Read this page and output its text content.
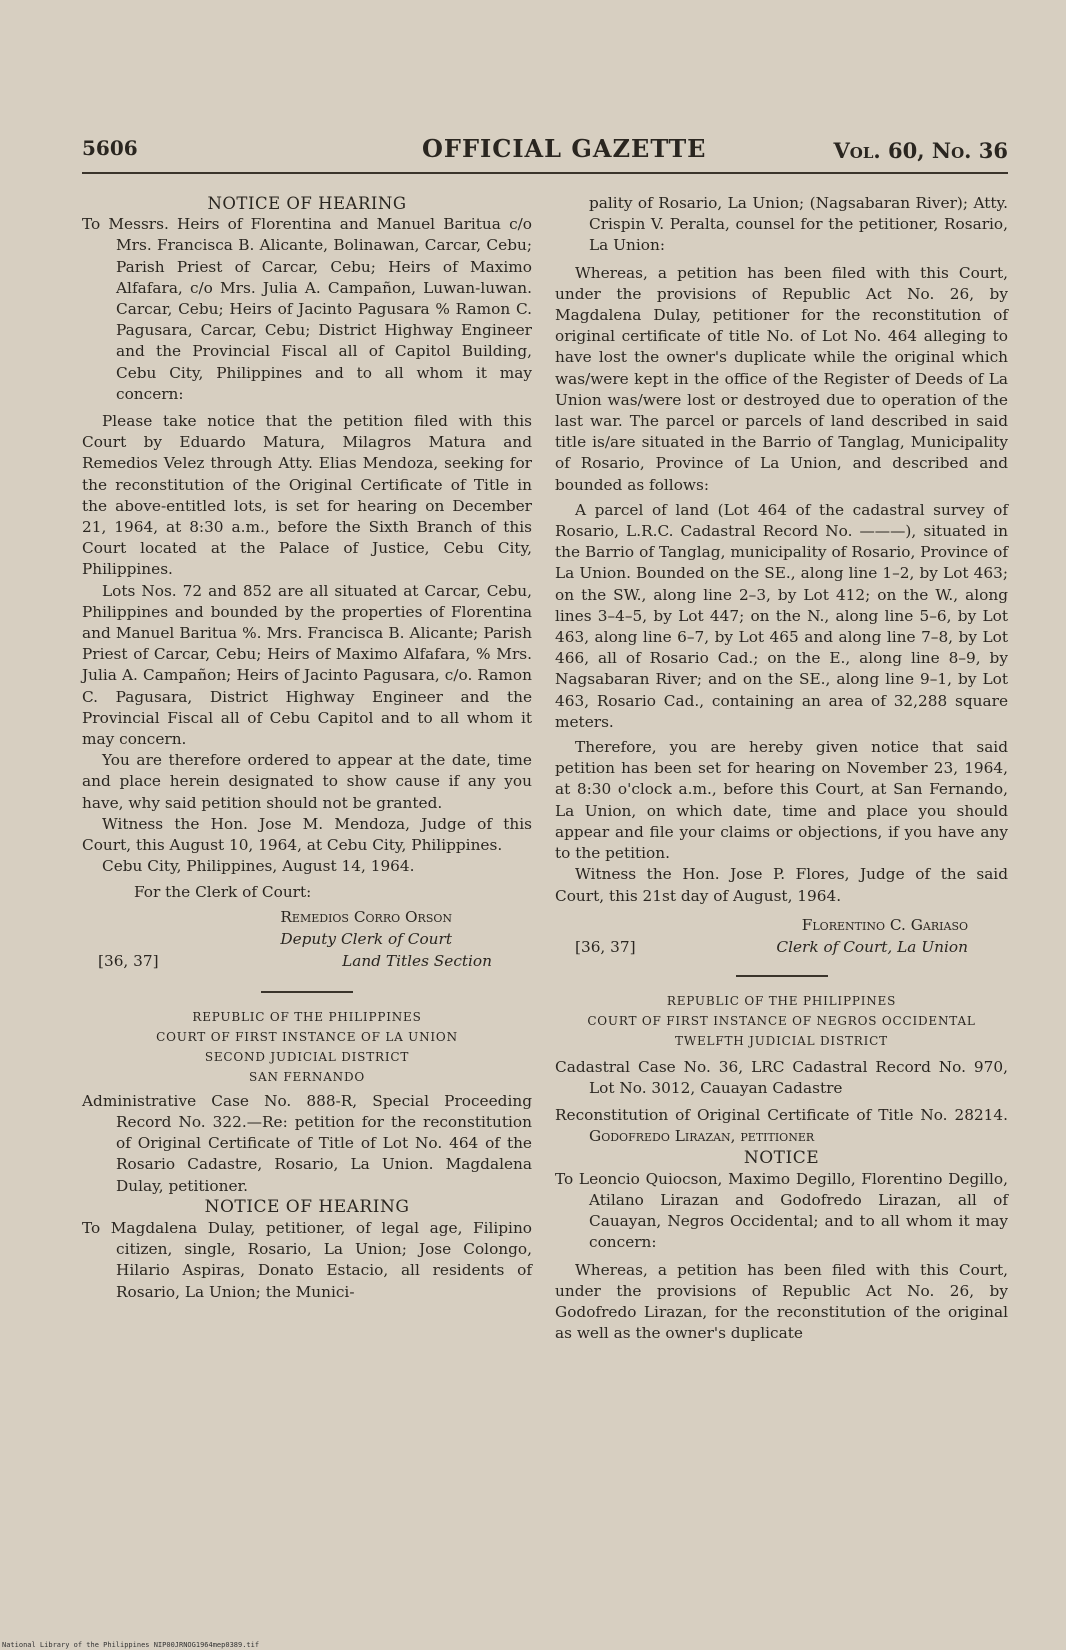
5606	OFFICIAL GAZETTE	Vol. 60, No. 36

NOTICE OF HEARING

To Messrs. Heirs of Florentina and Manuel Baritua c/o Mrs. Francisca B. Alicante, Bolinawan, Carcar, Cebu; Parish Priest of Carcar, Cebu; Heirs of Maximo Alfafara, c/o Mrs. Julia A. Campañon, Luwan-luwan. Carcar, Cebu; Heirs of Jacinto Pagusara % Ramon C. Pagusara, Carcar, Cebu; District Highway Engineer and the Provincial Fiscal all of Capitol Building, Cebu City, Philippines and to all whom it may concern:

Please take notice that the petition filed with this Court by Eduardo Matura, Milagros Matura and Remedios Velez through Atty. Elias Mendoza, seeking for the reconstitution of the Original Certificate of Title in the above-entitled lots, is set for hearing on December 21, 1964, at 8:30 a.m., before the Sixth Branch of this Court located at the Palace of Justice, Cebu City, Philippines.

Lots Nos. 72 and 852 are all situated at Carcar, Cebu, Philippines and bounded by the properties of Florentina and Manuel Baritua %. Mrs. Francisca B. Alicante; Parish Priest of Carcar, Cebu; Heirs of Maximo Alfafara, % Mrs. Julia A. Campañon; Heirs of Jacinto Pagusara, c/o. Ramon C. Pagusara, District Highway Engineer and the Provincial Fiscal all of Cebu Capitol and to all whom it may concern.

You are therefore ordered to appear at the date, time and place herein designated to show cause if any you have, why said petition should not be granted.

Witness the Hon. Jose M. Mendoza, Judge of this Court, this August 10, 1964, at Cebu City, Philippines.

Cebu City, Philippines, August 14, 1964.

For the Clerk of Court:

Remedios Corro Orson
Deputy Clerk of Court
Land Titles Section
[36, 37]

REPUBLIC OF THE PHILIPPINES

COURT OF FIRST INSTANCE OF LA UNION

SECOND JUDICIAL DISTRICT

SAN FERNANDO

Administrative Case No. 888-R, Special Proceeding Record No. 322.—Re: petition for the reconstitution of Original Certificate of Title of Lot No. 464 of the Rosario Cadastre, Rosario, La Union. Magdalena Dulay, petitioner.

NOTICE OF HEARING

To Magdalena Dulay, petitioner, of legal age, Filipino citizen, single, Rosario, La Union; Jose Colongo, Hilario Aspiras, Donato Estacio, all residents of Rosario, La Union; the Munici-

pality of Rosario, La Union; (Nagsabaran River); Atty. Crispin V. Peralta, counsel for the petitioner, Rosario, La Union:

Whereas, a petition has been filed with this Court, under the provisions of Republic Act No. 26, by Magdalena Dulay, petitioner for the reconstitution of original certificate of title No. of Lot No. 464 alleging to have lost the owner's duplicate while the original which was/were kept in the office of the Register of Deeds of La Union was/were lost or destroyed due to operation of the last war. The parcel or parcels of land described in said title is/are situated in the Barrio of Tanglag, Municipality of Rosario, Province of La Union, and described and bounded as follows:

A parcel of land (Lot 464 of the cadastral survey of Rosario, L.R.C. Cadastral Record No. ———), situated in the Barrio of Tanglag, municipality of Rosario, Province of La Union. Bounded on the SE., along line 1–2, by Lot 463; on the SW., along line 2–3, by Lot 412; on the W., along lines 3–4–5, by Lot 447; on the N., along line 5–6, by Lot 463, along line 6–7, by Lot 465 and along line 7–8, by Lot 466, all of Rosario Cad.; on the E., along line 8–9, by Nagsabaran River; and on the SE., along line 9–1, by Lot 463, Rosario Cad., containing an area of 32,288 square meters.

Therefore, you are hereby given notice that said petition has been set for hearing on November 23, 1964, at 8:30 o'clock a.m., before this Court, at San Fernando, La Union, on which date, time and place you should appear and file your claims or objections, if you have any to the petition.

Witness the Hon. Jose P. Flores, Judge of the said Court, this 21st day of August, 1964.

Florentino C. Gariaso
Clerk of Court, La Union
[36, 37]

REPUBLIC OF THE PHILIPPINES

COURT OF FIRST INSTANCE OF NEGROS OCCIDENTAL

TWELFTH JUDICIAL DISTRICT

Cadastral Case No. 36, LRC Cadastral Record No. 970, Lot No. 3012, Cauayan Cadastre

Reconstitution of Original Certificate of Title No. 28214. Godofredo Lirazan, petitioner

NOTICE

To Leoncio Quiocson, Maximo Degillo, Florentino Degillo, Atilano Lirazan and Godofredo Lirazan, all of Cauayan, Negros Occidental; and to all whom it may concern:

Whereas, a petition has been filed with this Court, under the provisions of Republic Act No. 26, by Godofredo Lirazan, for the reconstitution of the original as well as the owner's duplicate

National Library of the Philippines NIP00JRNOG1964mep0389.tif
